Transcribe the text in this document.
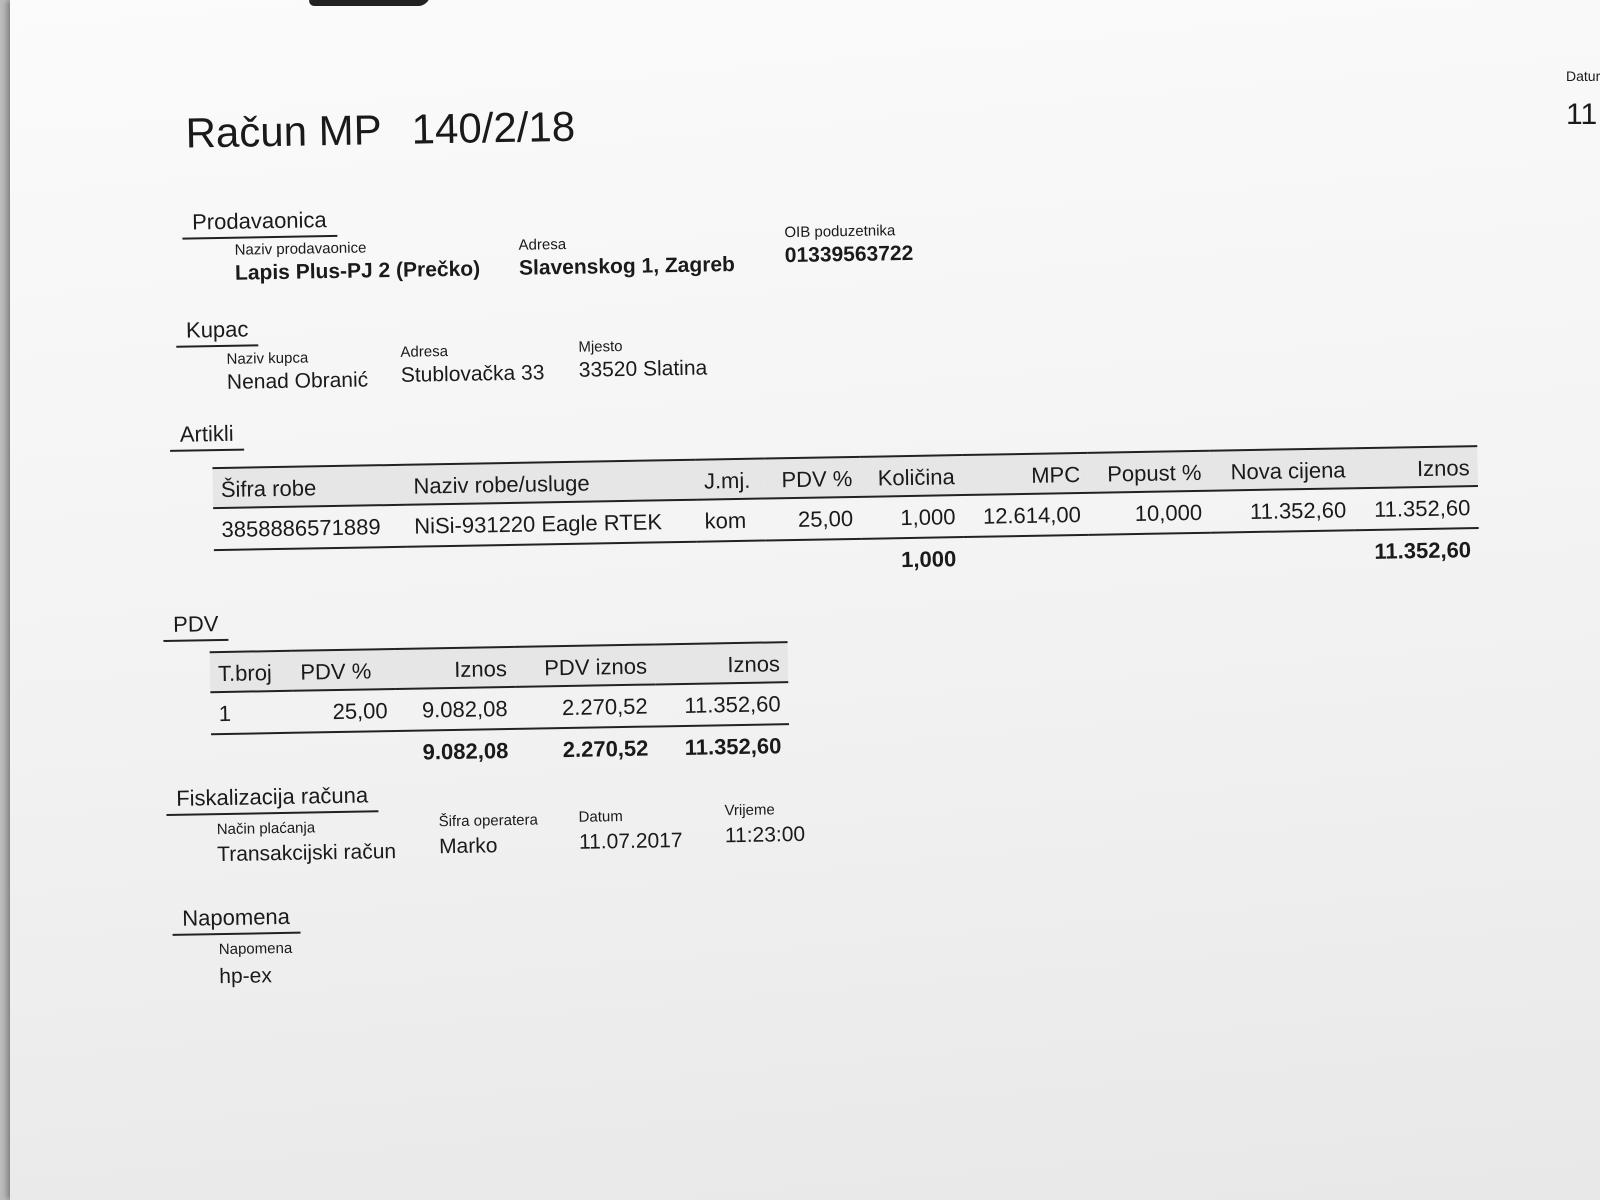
Datur
11
Račun MP 140/2/18
Prodavaonica
Naziv prodavaonice
Lapis Plus-PJ 2 (Prečko)
Adresa
Slavenskog 1, Zagreb
OIB poduzetnika
01339563722
Kupac
Naziv kupca
Nenad Obranić
Adresa
Stublovačka 33
Mjesto
33520 Slatina
Artikli
Šifra robe	Naziv robe/usluge	J.mj.	PDV %	Količina	MPC	Popust %	Nova cijena	Iznos
3858886571889	NiSi-931220 Eagle RTEK	kom	25,00	1,000	12.614,00	10,000	11.352,60	11.352,60
				1,000				11.352,60
PDV
T.broj	PDV %	Iznos	PDV iznos	Iznos
1	25,00	9.082,08	2.270,52	11.352,60
		9.082,08	2.270,52	11.352,60
Fiskalizacija računa
Način plaćanja
Transakcijski račun
Šifra operatera
Marko
Datum
11.07.2017
Vrijeme
11:23:00
Napomena
Napomena
hp-ex
